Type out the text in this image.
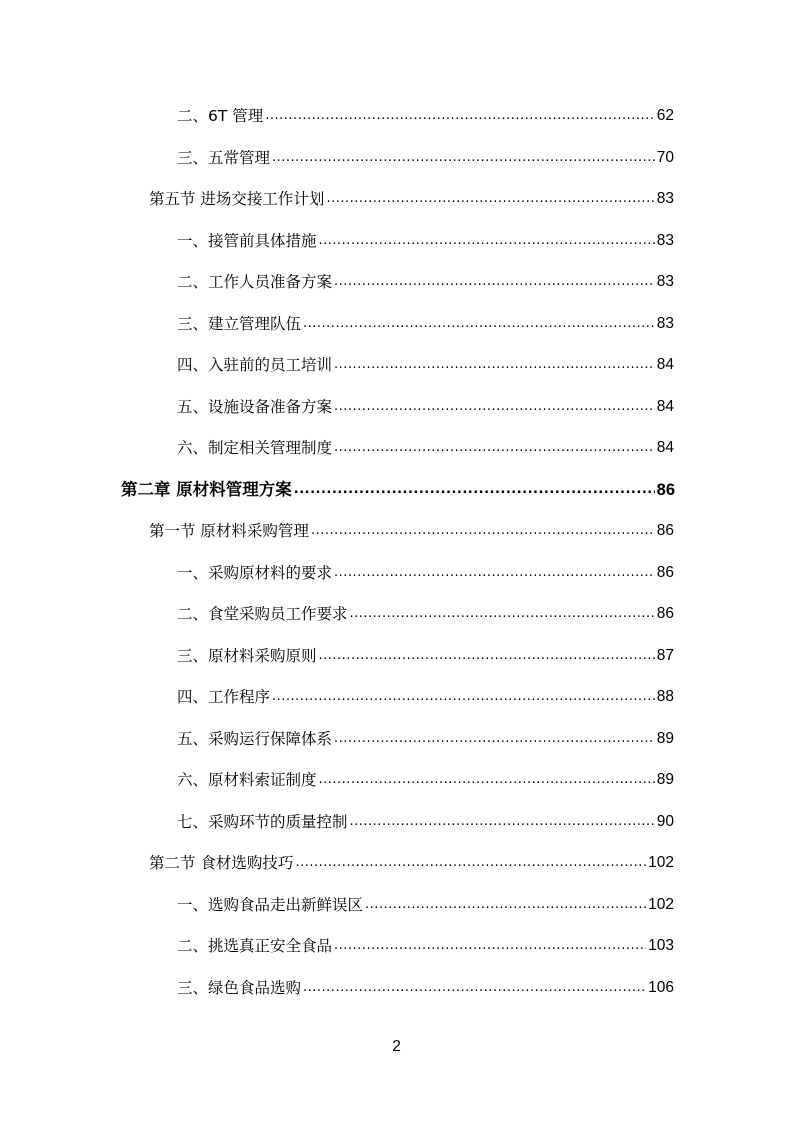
二、6T 管理 .....	62
三、五常管理 .....	70
第五节 进场交接工作计划 .....	83
一、接管前具体措施 .....	83
二、工作人员准备方案 .....	83
三、建立管理队伍 .....	83
四、入驻前的员工培训 .....	84
五、设施设备准备方案 .....	84
六、制定相关管理制度 .....	84
第二章 原材料管理方案 .....	86
第一节 原材料采购管理 .....	86
一、采购原材料的要求 .....	86
二、食堂采购员工作要求 .....	86
三、原材料采购原则 .....	87
四、工作程序 .....	88
五、采购运行保障体系 .....	89
六、原材料索证制度 .....	89
七、采购环节的质量控制 .....	90
第二节 食材选购技巧 .....	102
一、选购食品走出新鲜误区 .....	102
二、挑选真正安全食品 .....	103
三、绿色食品选购 .....	106
2
